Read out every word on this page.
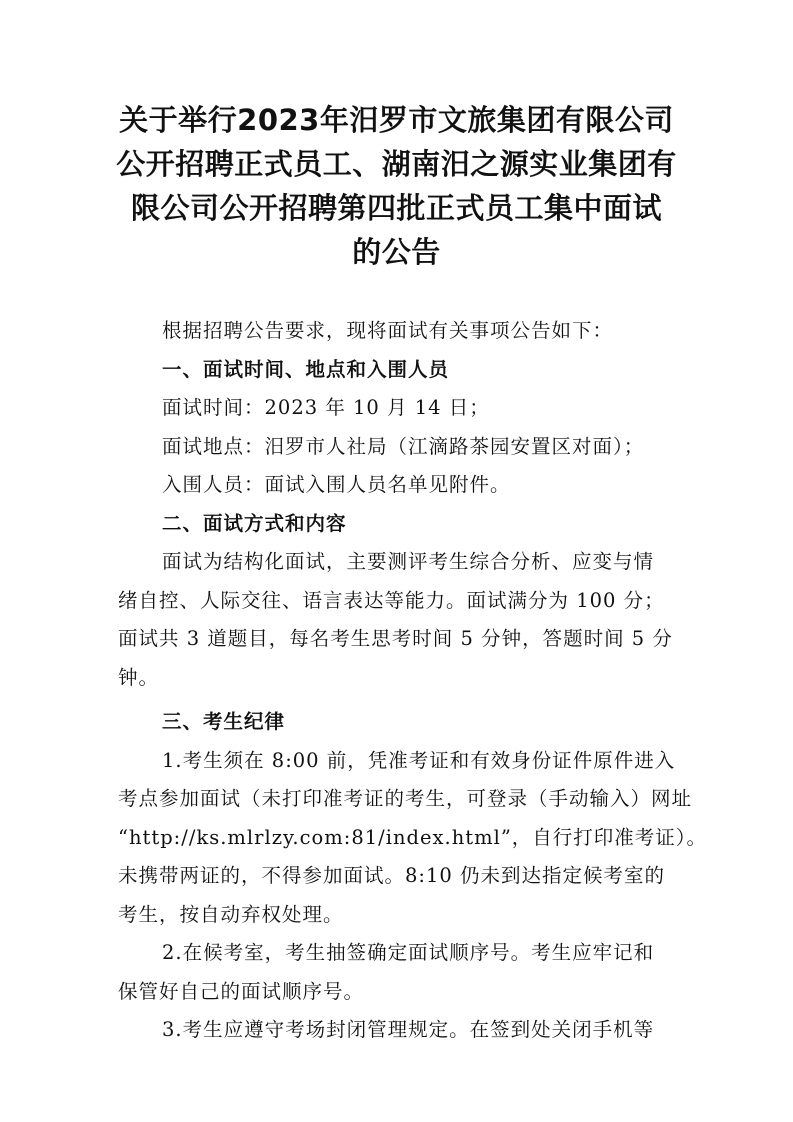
关于举行2023年汨罗市文旅集团有限公司
公开招聘正式员工、湖南汨之源实业集团有
限公司公开招聘第四批正式员工集中面试
的公告
根据招聘公告要求，现将面试有关事项公告如下：
一、面试时间、地点和入围人员
面试时间：2023 年 10 月 14 日；
面试地点：汨罗市人社局（江滴路茶园安置区对面）；
入围人员：面试入围人员名单见附件。
二、面试方式和内容
面试为结构化面试，主要测评考生综合分析、应变与情
绪自控、人际交往、语言表达等能力。面试满分为 100 分；
面试共 3 道题目，每名考生思考时间 5 分钟，答题时间 5 分
钟。
三、考生纪律
1.考生须在 8:00 前，凭准考证和有效身份证件原件进入
考点参加面试（未打印准考证的考生，可登录（手动输入）网址
“http://ks.mlrlzy.com:81/index.html”，自行打印准考证）。
未携带两证的，不得参加面试。8:10 仍未到达指定候考室的
考生，按自动弃权处理。
2.在候考室，考生抽签确定面试顺序号。考生应牢记和
保管好自己的面试顺序号。
3.考生应遵守考场封闭管理规定。在签到处关闭手机等
